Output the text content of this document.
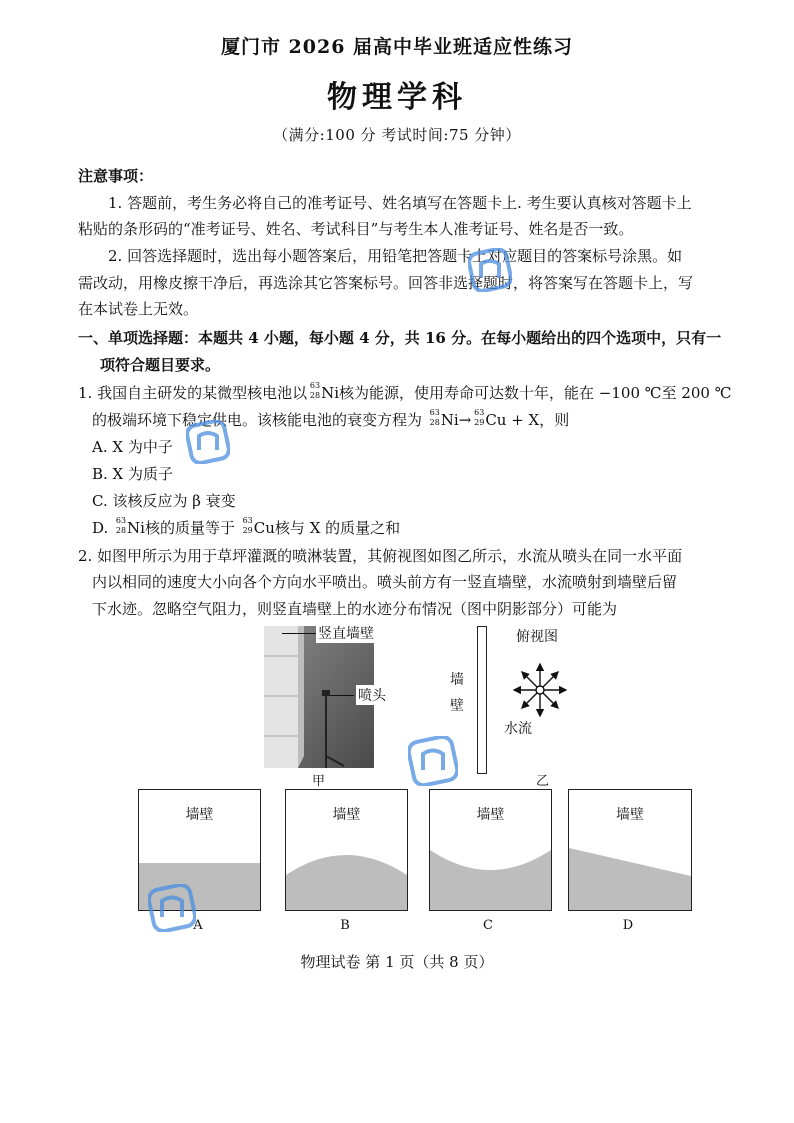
厦门市 2026 届高中毕业班适应性练习
物理学科
（满分:100 分 考试时间:75 分钟）
注意事项：
1. 答题前，考生务必将自己的准考证号、姓名填写在答题卡上. 考生要认真核对答题卡上
粘贴的条形码的“准考证号、姓名、考试科目”与考生本人准考证号、姓名是否一致。
2. 回答选择题时，选出每小题答案后，用铅笔把答题卡上对应题目的答案标号涂黑。如
需改动，用橡皮擦干净后，再选涂其它答案标号。回答非选择题时，将答案写在答题卡上，写
在本试卷上无效。
一、单项选择题：本题共 4 小题，每小题 4 分，共 16 分。在每小题给出的四个选项中，只有一
项符合题目要求。
1. 我国自主研发的某微型核电池以 63
28 Ni核为能源，使用寿命可达数十年，能在 −100 ℃至 200 ℃
的极端环境下稳定供电。该核能电池的衰变方程为 63
28 Ni→ 63
29 Cu + X，则
A. X 为中子
B. X 为质子
C. 该核反应为 β 衰变
D. 63
28 Ni核的质量等于 63
29 Cu核与 X 的质量之和
2. 如图甲所示为用于草坪灌溉的喷淋装置，其俯视图如图乙所示，水流从喷头在同一水平面
内以相同的速度大小向各个方向水平喷出。喷头前方有一竖直墙壁，水流喷射到墙壁后留
下水迹。忽略空气阻力，则竖直墙壁上的水迹分布情况（图中阴影部分）可能为
竖直墙壁
喷头
甲
墙壁
俯视图
水流
乙
墙壁	墙壁	墙壁	墙壁
A	B	C	D
物理试卷 第 1 页（共 8 页）
